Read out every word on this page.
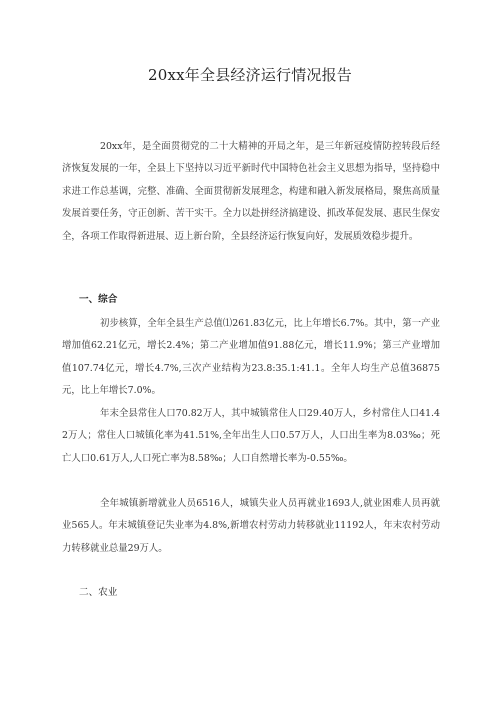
20xx年全县经济运行情况报告

20xx年，是全面贯彻党的二十大精神的开局之年，是三年新冠疫情防控转段后经济恢复发展的一年，全县上下坚持以习近平新时代中国特色社会主义思想为指导，坚持稳中求进工作总基调，完整、准确、全面贯彻新发展理念，构建和融入新发展格局，聚焦高质量发展首要任务，守正创新、苦干实干。全力以赴拼经济搞建设、抓改革促发展、惠民生保安全，各项工作取得新进展、迈上新台阶，全县经济运行恢复向好，发展质效稳步提升。

一、综合

初步核算，全年全县生产总值⑴261.83亿元，比上年增长6.7%。其中，第一产业增加值62.21亿元，增长2.4%；第二产业增加值91.88亿元，增长11.9%；第三产业增加值107.74亿元，增长4.7%,三次产业结构为23.8:35.1:41.1。全年人均生产总值36875元，比上年增长7.0%。

年末全县常住人口70.82万人，其中城镇常住人口29.40万人，乡村常住人口41.42万人；常住人口城镇化率为41.51%,全年出生人口0.57万人，人口出生率为8.03‰；死亡人口0.61万人,人口死亡率为8.58‰；人口自然增长率为-0.55‰。

全年城镇新增就业人员6516人，城镇失业人员再就业1693人,就业困难人员再就业565人。年末城镇登记失业率为4.8%,新增农村劳动力转移就业11192人，年末农村劳动力转移就业总量29万人。

二、农业
